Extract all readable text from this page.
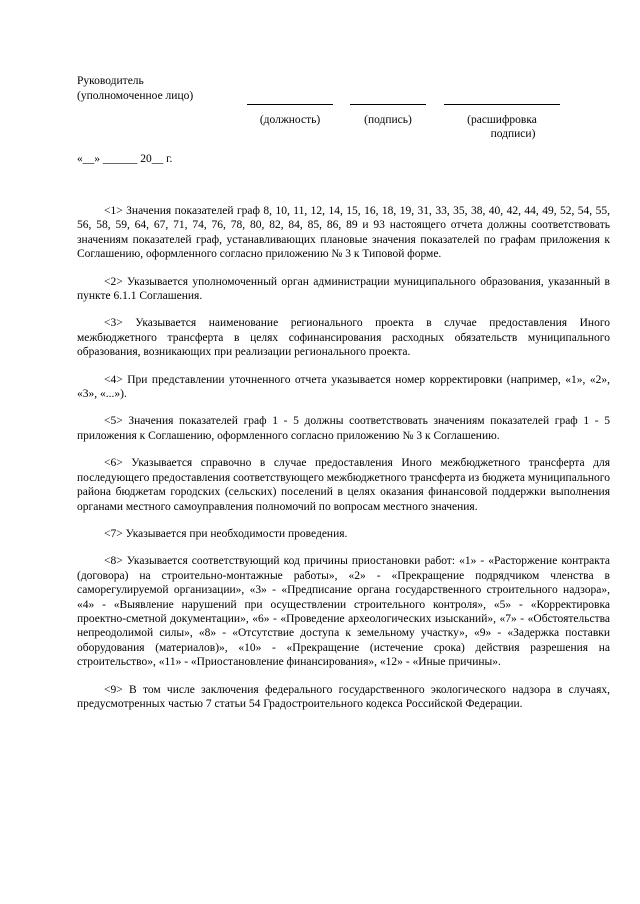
Руководитель
(уполномоченное лицо)
(должность)	(подпись)	(расшифровка
подписи)
«__» ______ 20__ г.

<1> Значения показателей граф 8, 10, 11, 12, 14, 15, 16, 18, 19, 31, 33, 35, 38, 40, 42, 44, 49, 52, 54, 55, 56, 58, 59, 64, 67, 71, 74, 76, 78, 80, 82, 84, 85, 86, 89 и 93 настоящего отчета должны соответствовать значениям показателей граф, устанавливающих плановые значения показателей по графам приложения к Соглашению, оформленного согласно приложению № 3 к Типовой форме.

<2> Указывается уполномоченный орган администрации муниципального образования, указанный в пункте 6.1.1 Соглашения.

<3> Указывается наименование регионального проекта в случае предоставления Иного межбюджетного трансферта в целях софинансирования расходных обязательств муниципального образования, возникающих при реализации регионального проекта.

<4> При представлении уточненного отчета указывается номер корректировки (например, «1», «2», «3», «...»).

<5> Значения показателей граф 1 - 5 должны соответствовать значениям показателей граф 1 - 5 приложения к Соглашению, оформленного согласно приложению № 3 к Соглашению.

<6> Указывается справочно в случае предоставления Иного межбюджетного трансферта для последующего предоставления соответствующего межбюджетного трансферта из бюджета муниципального района бюджетам городских (сельских) поселений в целях оказания финансовой поддержки выполнения органами местного самоуправления полномочий по вопросам местного значения.

<7> Указывается при необходимости проведения.

<8> Указывается соответствующий код причины приостановки работ: «1» - «Расторжение контракта (договора) на строительно-монтажные работы», «2» - «Прекращение подрядчиком членства в саморегулируемой организации», «3» - «Предписание органа государственного строительного надзора», «4» - «Выявление нарушений при осуществлении строительного контроля», «5» - «Корректировка проектно-сметной документации», «6» - «Проведение археологических изысканий», «7» - «Обстоятельства непреодолимой силы», «8» - «Отсутствие доступа к земельному участку», «9» - «Задержка поставки оборудования (материалов)», «10» - «Прекращение (истечение срока) действия разрешения на строительство», «11» - «Приостановление финансирования», «12» - «Иные причины».

<9> В том числе заключения федерального государственного экологического надзора в случаях, предусмотренных частью 7 статьи 54 Градостроительного кодекса Российской Федерации.
